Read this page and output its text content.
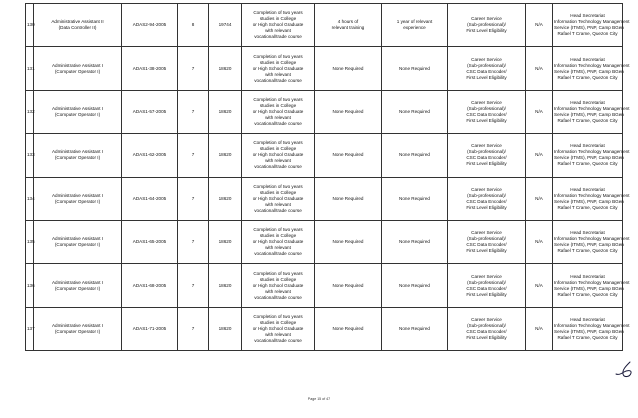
130	Administrative Assistant II
(Data Controller II)	ADAS2-94-2005	8	19744	Completion of two years
studies in College
or High School Graduate
with relevant
vocational/trade course	4 hours of
relevant training	1 year of relevant
experience	Career Service
(Sub-professional)/
First Level Eligibility	N/A	Head Secretariat
Information Technology Management
Service (ITMS), PNP, Camp BGen
Rafael T Crame, Quezon City

131	Administrative Assistant I
(Computer Operator I)	ADAS1-38-2005	7	18620	Completion of two years
studies in College
or High School Graduate
with relevant
vocational/trade course	None Required	None Required	Career Service
(Sub-professional)/
CSC Data Encoder/
First Level Eligibility	N/A	Head Secretariat
Information Technology Management
Service (ITMS), PNP, Camp BGen
Rafael T Crame, Quezon City

132	Administrative Assistant I
(Computer Operator I)	ADAS1-57-2005	7	18620	Completion of two years
studies in College
or High School Graduate
with relevant
vocational/trade course	None Required	None Required	Career Service
(Sub-professional)/
CSC Data Encoder/
First Level Eligibility	N/A	Head Secretariat
Information Technology Management
Service (ITMS), PNP, Camp BGen
Rafael T Crame, Quezon City

133	Administrative Assistant I
(Computer Operator I)	ADAS1-62-2005	7	18620	Completion of two years
studies in College
or High School Graduate
with relevant
vocational/trade course	None Required	None Required	Career Service
(Sub-professional)/
CSC Data Encoder/
First Level Eligibility	N/A	Head Secretariat
Information Technology Management
Service (ITMS), PNP, Camp BGen
Rafael T Crame, Quezon City

134	Administrative Assistant I
(Computer Operator I)	ADAS1-64-2005	7	18620	Completion of two years
studies in College
or High School Graduate
with relevant
vocational/trade course	None Required	None Required	Career Service
(Sub-professional)/
CSC Data Encoder/
First Level Eligibility	N/A	Head Secretariat
Information Technology Management
Service (ITMS), PNP, Camp BGen
Rafael T Crame, Quezon City

135	Administrative Assistant I
(Computer Operator I)	ADAS1-65-2005	7	18620	Completion of two years
studies in College
or High School Graduate
with relevant
vocational/trade course	None Required	None Required	Career Service
(Sub-professional)/
CSC Data Encoder/
First Level Eligibility	N/A	Head Secretariat
Information Technology Management
Service (ITMS), PNP, Camp BGen
Rafael T Crame, Quezon City

136	Administrative Assistant I
(Computer Operator I)	ADAS1-68-2005	7	18620	Completion of two years
studies in College
or High School Graduate
with relevant
vocational/trade course	None Required	None Required	Career Service
(Sub-professional)/
CSC Data Encoder/
First Level Eligibility	N/A	Head Secretariat
Information Technology Management
Service (ITMS), PNP, Camp BGen
Rafael T Crame, Quezon City

137	Administrative Assistant I
(Computer Operator I)	ADAS1-71-2005	7	18620	Completion of two years
studies in College
or High School Graduate
with relevant
vocational/trade course	None Required	None Required	Career Service
(Sub-professional)/
CSC Data Encoder/
First Level Eligibility	N/A	Head Secretariat
Information Technology Management
Service (ITMS), PNP, Camp BGen
Rafael T Crame, Quezon City
Page 15 of 47
